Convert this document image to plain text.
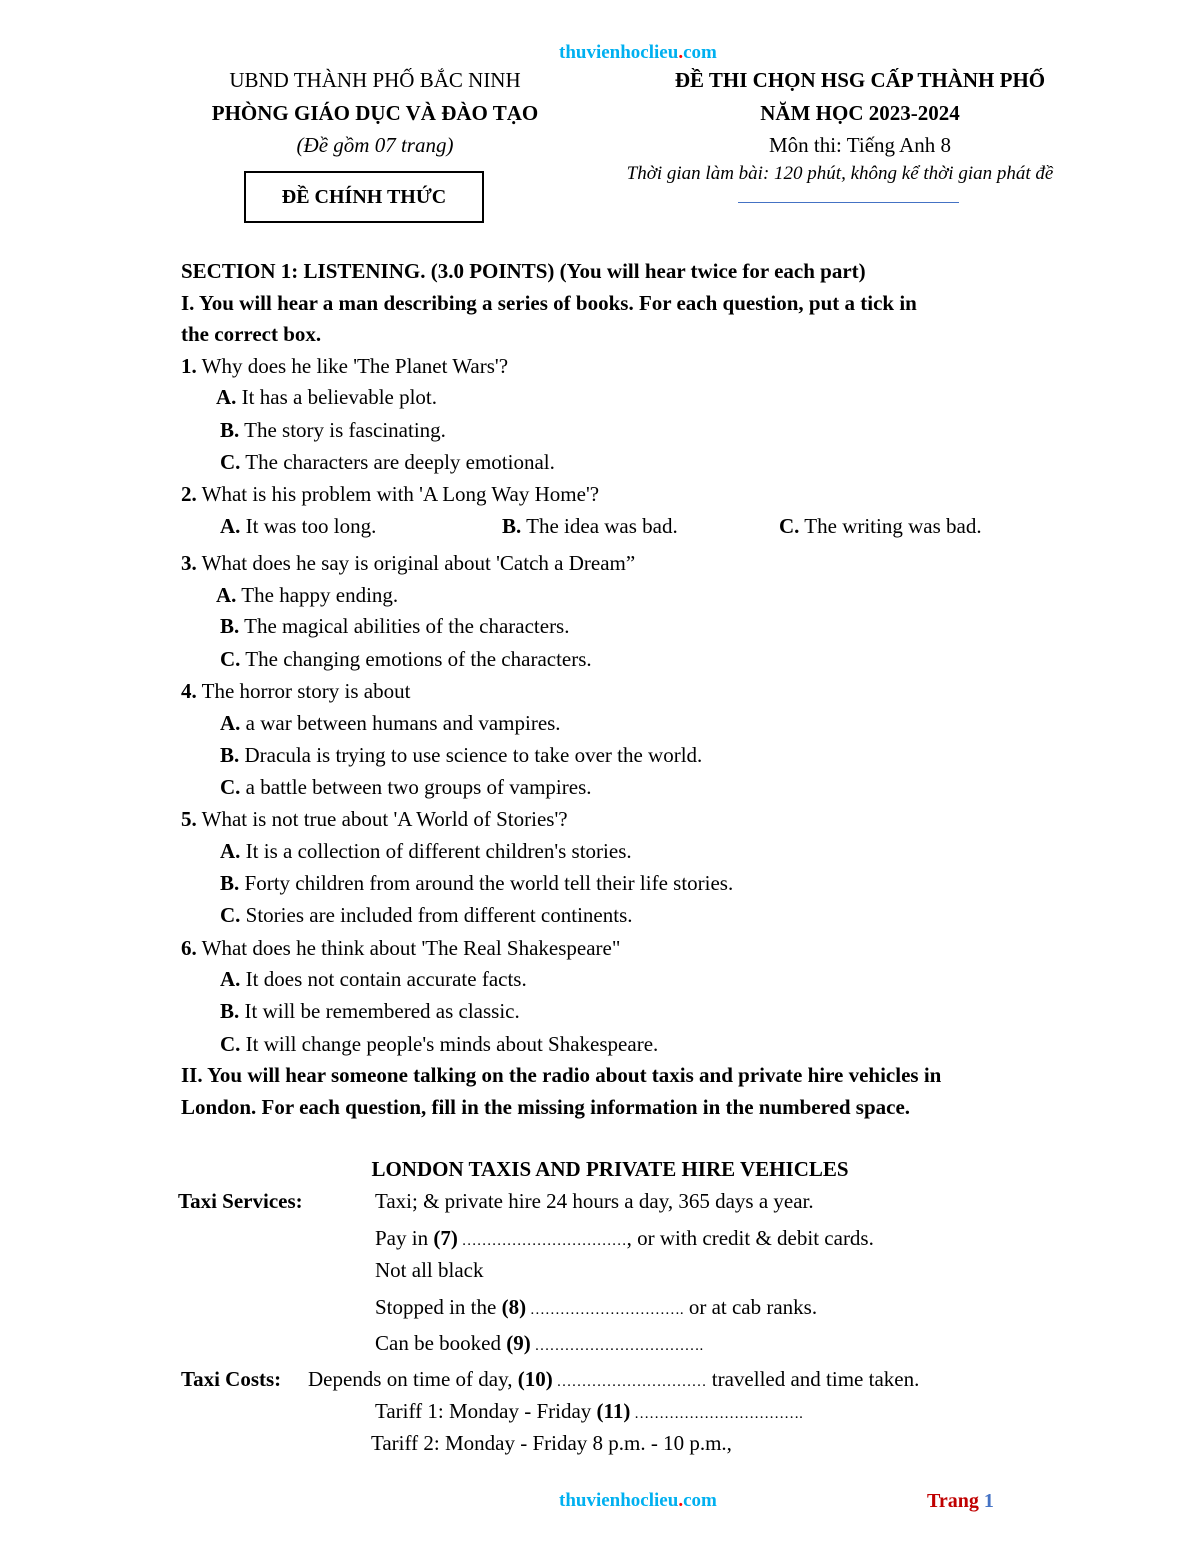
thuvienhoclieu.com
UBND THÀNH PHỐ BẮC NINH
PHÒNG GIÁO DỤC VÀ ĐÀO TẠO
(Đề gồm 07 trang)
ĐỀ CHÍNH THỨC
ĐỀ THI CHỌN HSG CẤP THÀNH PHỐ
NĂM HỌC 2023-2024
Môn thi: Tiếng Anh 8
Thời gian làm bài: 120 phút, không kể thời gian phát đề
SECTION 1: LISTENING. (3.0 POINTS) (You will hear twice for each part)
I. You will hear a man describing a series of books. For each question, put a tick in
the correct box.
1. Why does he like 'The Planet Wars'?
A. It has a believable plot.
B. The story is fascinating.
C. The characters are deeply emotional.
2. What is his problem with 'A Long Way Home'?
A. It was too long.	B. The idea was bad.	C. The writing was bad.
3. What does he say is original about 'Catch a Dream”
A. The happy ending.
B. The magical abilities of the characters.
C. The changing emotions of the characters.
4. The horror story is about
A. a war between humans and vampires.
B. Dracula is trying to use science to take over the world.
C. a battle between two groups of vampires.
5. What is not true about 'A World of Stories'?
A. It is a collection of different children's stories.
B. Forty children from around the world tell their life stories.
C. Stories are included from different continents.
6. What does he think about 'The Real Shakespeare"
A. It does not contain accurate facts.
B. It will be remembered as classic.
C. It will change people's minds about Shakespeare.
II. You will hear someone talking on the radio about taxis and private hire vehicles in
London. For each question, fill in the missing information in the numbered space.
LONDON TAXIS AND PRIVATE HIRE VEHICLES
Taxi Services:	Taxi; & private hire 24 hours a day, 365 days a year.
Pay in (7) ……………………………, or with credit & debit cards.
Not all black
Stopped in the (8) …………………………. or at cab ranks.
Can be booked (9) …………………………….
Taxi Costs: Depends on time of day, (10) ………………………… travelled and time taken.
Tariff 1: Monday - Friday (11) …………………………….
Tariff 2: Monday - Friday 8 p.m. - 10 p.m.,
thuvienhoclieu.com	Trang 1
